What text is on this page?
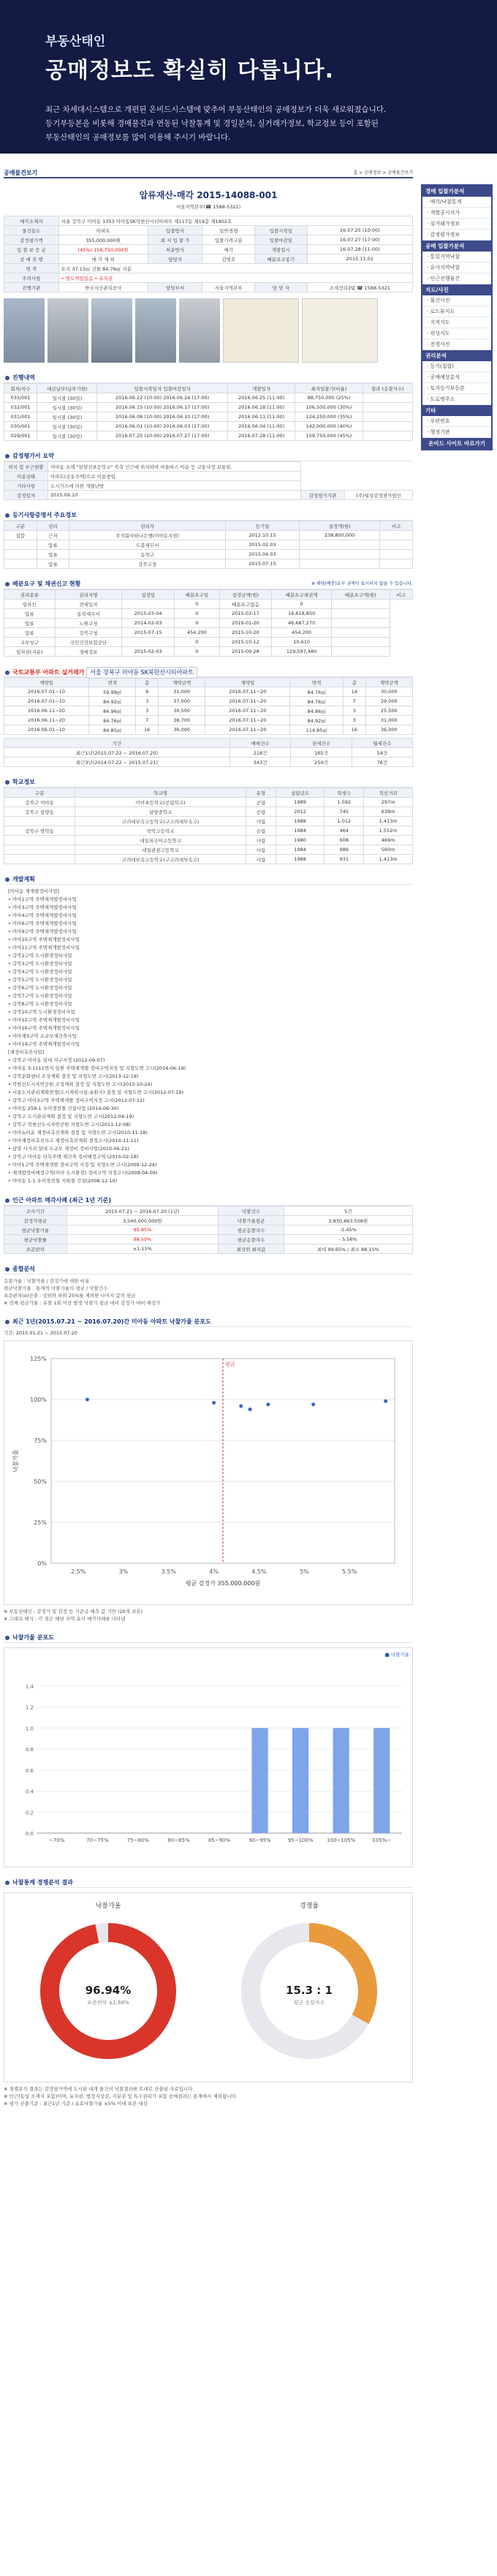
부동산태인
공매정보도 확실히 다릅니다.
최근 차세대시스템으로 개편된 온비드시스템에 맞추어 부동산태인의 공매정보가 더욱 새로워졌습니다.
등기부등본을 비롯해 경매물건과 연동된 낙찰통계 및 경일분석, 실거래가정보, 학교정보 등이 포함된
부동산태인의 공매정보를 많이 이용해 주시기 바랍니다.
경매 입찰가분석
· 매각/낙찰통계
· 개별공시지가
· 실거래가정보
· 감정평가정보
공매 입찰가분석
· 통일지역낙찰
· 유사지역낙찰
· 인근진행물건
지도/사진
· 물건사진
· 로드뷰지도
· 지적지도
· 위성지도
· 전경사진
권리분석
· 등기(집합)
· 공매예상분석
· 토지등기부등본
· 도로명주소
기타
· 우편번호
· 행정기관
온비드 사이트 바로가기
공매물건보기	홈 > 공매정보 > 공매물건보기
압류재산-매각 2015-14088-001
서울지역본부(☎ 1588-5321)
매각소재지	서울 강북구 미아동 1353 미아동SK북한산시티아파트 제117동 제19층 제1902호				
물건용도	아파트	입찰방식	일반경쟁	입찰시작일	16.07.25 (10:00)
감정평가액	355,000,000원	최 저 입 찰 가	입찰가격구분	입찰마감일	16.07.27 (17:00)
입 찰 보 증 금	(45%) 159,750,000원	처분방식	매각	개찰일시	16.07.28 (11:00)
공 매 진 행	매 각 제 외	담당자	김영호	배분요구종기	2015.11.02
면 적	토지 37.15㎡ 건물 84.76㎡ 지분				
주의사항	• 명도책임있음 • 유치권				
진행기관	한국자산관리공사	담당부서	서울지역본부	담 당 자	조세정리3팀 ☎ 1588-5321
진행내역
회차/차수	대금납부(납부기한)	입찰시작일자 입찰마감일자	개찰일자	최저입찰가(비율)	결과 (응찰자수)
033/001	일시불 (30일)	2016.06.22 (10:00) 2016.06.24 (17:00)	2016.06.25 (11:00)	88,750,000 (25%)	
032/001	일시불 (30일)	2016.06.15 (10:00) 2016.06.17 (17:00)	2016.06.18 (11:00)	106,500,000 (30%)	
031/001	일시불 (30일)	2016.06.08 (10:00) 2016.06.10 (17:00)	2016.06.11 (11:00)	124,250,000 (35%)	
030/001	일시불 (30일)	2016.06.01 (10:00) 2016.06.03 (17:00)	2016.06.04 (11:00)	142,000,000 (40%)	
029/001	일시불 (30일)	2016.07.25 (10:00) 2016.07.27 (17:00)	2016.07.28 (11:00)	159,750,000 (45%)	
감정평가서 요약
위치 및 부근현황	미아동 소재 "삼양선초등학교" 북측 인근에 위치하며 마을버스 이용 등 교통사정 보통임.		
이용상태	아파트(공동주택)으로 이용중임.		
기타사항	도시가스에 의한 개별난방		
감정일자	2015.09.10	감정평가기관	(주)월성감정평가법인
등기사항증명서 주요정보
구분	권리	권리자	등기일	설정액(원)	비고
집합	근저	주식회사하나은행(미아동지점)	2012.10.15	238,800,000	
	압류	도봉세무서	2015.02.03		
	압류	동작구	2015.04.03		
	압류	강북구청	2015.07.15		
배분요구 및 채권신고 현황	※ 배당(배분)요구 금액이 표시되지 않을 수 있습니다.
권리종류	권리자명	설정일	배분요구일	설정금액(원)	배분요구채권액	배분요구액(원)	비고
임차인	전세입자		0	배분요구없음	0		
압류	동작세무서	2015-03-04	0	2015-03-17	16,618,850		
압류	노원구청	2014-02-03	0	2016-01-20	46,687,270		
압류	강북구청	2015-07-15	454,200	2015-10-20	454,200		
교부청구	국민건강보험공단		0	2015-10-12	10,610		
임차권(지분)	경매정보	2015-02-03	0	2015-09-28	129,597,480		
국토교통부 아파트 실거래가 서울 강북구 미아동 SK북한산시티아파트
계약일	면적	층	계약금액	계약일	면적	층	계약금액
2016.07.01~10	59.99㎡	9	31,000	2016.07.11~20	84.76㎡	14	30,000
2016.07.01~10	84.92㎡	3	37,000	2016.07.11~20	84.76㎡	7	29,000
2016.06.11~20	84.96㎡	3	30,500	2016.07.11~20	84.86㎡	3	25,500
2016.06.11~20	84.76㎡	7	36,700	2016.07.11~20	84.92㎡	3	31,000
2016.06.01~10	84.85㎡	16	36,000	2016.07.11~20	114.85㎡	16	36,000
기간	매매건수	전세건수	월세건수
최근1년(2015.07.22 ~ 2016.07.20)	218건	165건	54건
최근3년(2014.07.22 ~ 2015.07.21)	343건	254건	76건
학교정보
구분	학교명	유형	설립년도	학생수	직선거리
강북구 미아동	미아초등학교(공립학교)	공립	1989	1,592	297m
강북구 삼양동	삼양중학교	공립	2012	745	639m
	고려대부속고등학교(구고려대부속고)	사립	1988	1,012	1,413m
강북구 방학동	북악고등학교	공립	1984	464	1,552m
	대일외국어고등학교	사립	1980	608	469m
	대일관광고등학교	사립	1984	989	560m
	고려대부속고등학교(구고려대부속고)	사립	1988	931	1,413m
개발계획
[미아동 재개발정비사업]
• 미아1구역 주택재개발정비사업
• 미아3구역 주택재개발정비사업
• 미아4구역 주택재개발정비사업
• 미아6구역 주택재개발정비사업
• 미아9구역 주택재개발정비사업
• 미아10구역 주택재개발정비사업
• 미아11구역 주택재개발정비사업
• 강북2구역 도시환경정비사업
• 강북3구역 도시환경정비사업
• 강북4구역 도시환경정비사업
• 강북5구역 도시환경정비사업
• 강북6구역 도시환경정비사업
• 강북7구역 도시환경정비사업
• 강북8구역 도시환경정비사업
• 강북10구역 도시환경정비사업
• 미아12구역 주택재개발정비사업
• 미아16구역 주택재개발정비사업
• 미아제3구역 소규모재건축사업
• 미아19구역 주택재개발정비사업
[재정비촉진사업]
• 강북구 미아동 일대 지구지정 (2012-09-07)
• 미아동 3-1111번지 일원 주택재개발 정비구역지정 및 지형도면 고시(2014-06-19)
• 강북문화센터 조성계획 결정 및 지형도면 고시(2013-12-19)
• 북한산도시자연공원 조성계획 결정 및 지형도면 고시(2013-10-24)
• 서울도시관리계획변경(도시계획시설:유원지) 결정 및 지형도면 고시(2012-07-19)
• 강북구 미아3구역 주택재개발 정비구역지정 고시(2012-07-12)
• 미아동 259-1 우이경전철 건설사업 (2014-06-30)
• 강북구 도시관리계획 결정 및 지형도면 고시(2012-04-19)
• 강북구 북한산도시자연공원 지형도면 고시(2011-12-08)
• 미아뉴타운 재정비촉진계획 결정 및 지형도면 고시(2010-11-18)
• 미아재정비촉진지구 재정비촉진계획 결정고시(2010-11-11)
• 삼양 사거리 일대 소규모 재정비 정비사업(2010-06-21)
• 강북구 미아동 단독주택 재건축 정비예정구역 (2010-02-18)
• 미아1구역 주택재개발 정비구역 지정 및 지형도면 고시(2009-12-24)
• 재개발정비예정구역(미아 도시환경) 정비구역 지정고시(2009-04-09)
• 미아동 1-1 우이경전철 지하철 건설(2008-12-10)
인근 아파트 매각사례 (최근 1년 기준)
조사기간	2015.07.21 ~ 2016.07.20 (1년)	낙찰건수	5건
감정가평균	3,540,000,000원	낙찰가율평균	3,830,863,508원
평균낙찰가율	95.95%	평균응찰자수	-5.45%
평균낙찰률	98.50%	평균응찰자수	- 5.56%
표준편차	±1.15%	최상위 최저값	최대 99.65% / 최소 88.15%
종합분석
응찰가율 : 낙찰가율 / 감정가에 대한 비율
평균낙찰가율 : 통계적 낙찰가율의 평균 / 낙찰건수
표준편차(σ)산출 : 상위와 하위 25%를 제외한 나머지 값의 평균
※ 전체 평균가율 : 유찰 1회 이상 발생 낙찰가 평균 대비 감정가 대비 예상가
최근 1년(2015.07.21 ~ 2016.07.20)간 미아동 아파트 낙찰가율 분포도
기간: 2015.01.21 ~ 2015.07.20
0%
25%
50%
75%
100%
125%
2.5%	3%	3.5%	4%	4.5%	5%	5.5%
평균
평균 감정가 355,000,000원
낙찰가율
※ 부동산태인 : 감정가 및 감정 등 기준금 예측 값 기반 (20개 표본)
※ 그래프 해석 : 각 점은 해당 지역 유사 매각사례를 나타냄
낙찰가율 분포도
■ 낙찰가율
0.0
0.2
0.4
0.6
0.8
1.0
1.2
1.4
~70%	70~75%	75~80%	80~85%	85~90%	90~95%	95~100%	100~105%	105%~
낙찰통계 경쟁분석 결과
낙찰가율
96.94%
표준편차 ±1.68%
경쟁률
15.3 : 1
평균 응찰자수
※ 경쟁분석 결과는 감정평가액에 도시된 대개 물건의 낙찰결과를 토대로 산출된 자료입니다.
※ 인근(동일 소재지 포함)이며, 유치권, 법정지상권, 지분권 및 특수권리가 포함 공매결과는 통계에서 제외됩니다.
※ 평가 산출기준 : 최근1년 기준 / 유효낙찰가율 ±5% 이내 표본 대상
